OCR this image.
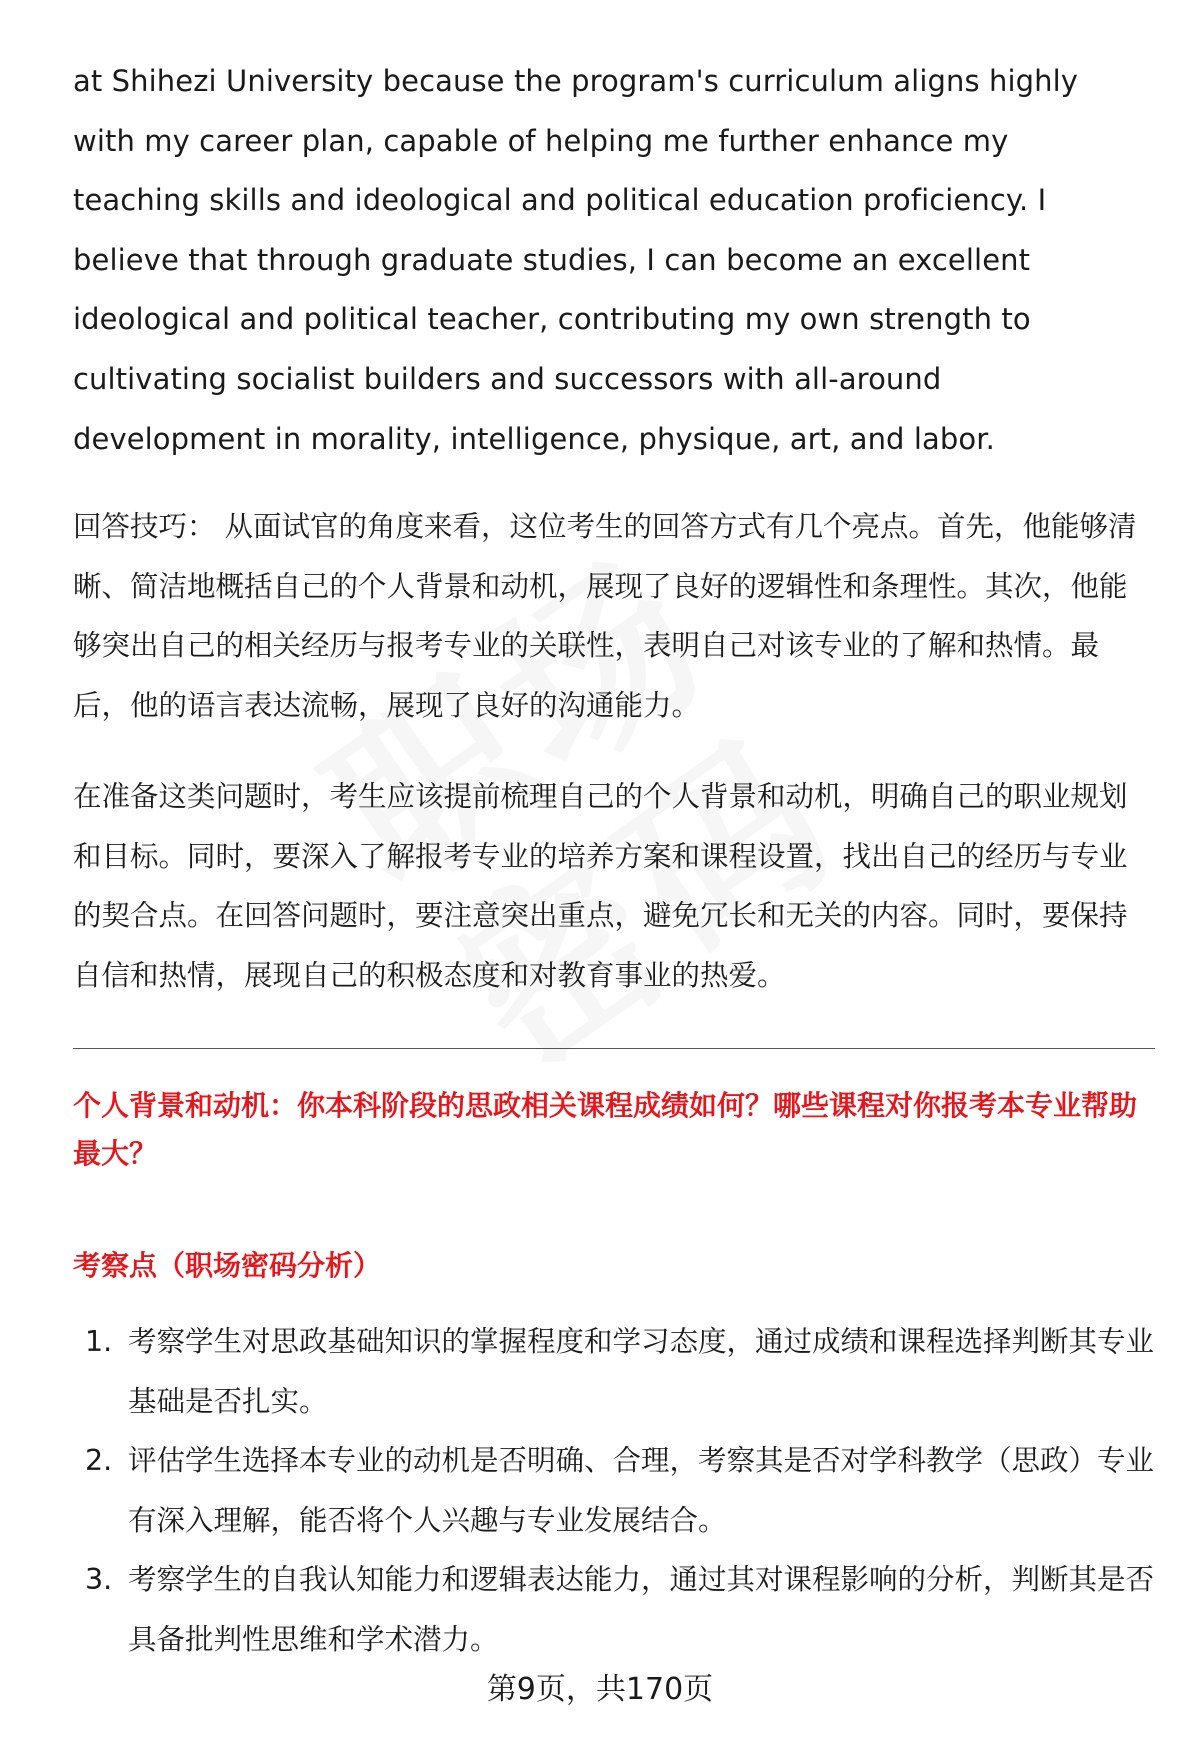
at Shihezi University because the program's curriculum aligns highly with my career plan, capable of helping me further enhance my teaching skills and ideological and political education proficiency. I believe that through graduate studies, I can become an excellent ideological and political teacher, contributing my own strength to cultivating socialist builders and successors with all-around development in morality, intelligence, physique, art, and labor.

回答技巧： 从面试官的角度来看，这位考生的回答方式有几个亮点。首先，他能够清晰、简洁地概括自己的个人背景和动机，展现了良好的逻辑性和条理性。其次，他能够突出自己的相关经历与报考专业的关联性，表明自己对该专业的了解和热情。最后，他的语言表达流畅，展现了良好的沟通能力。

在准备这类问题时，考生应该提前梳理自己的个人背景和动机，明确自己的职业规划和目标。同时，要深入了解报考专业的培养方案和课程设置，找出自己的经历与专业的契合点。在回答问题时，要注意突出重点，避免冗长和无关的内容。同时，要保持自信和热情，展现自己的积极态度和对教育事业的热爱。

个人背景和动机：你本科阶段的思政相关课程成绩如何？哪些课程对你报考本专业帮助最大？

考察点（职场密码分析）

1. 考察学生对思政基础知识的掌握程度和学习态度，通过成绩和课程选择判断其专业基础是否扎实。
2. 评估学生选择本专业的动机是否明确、合理，考察其是否对学科教学（思政）专业有深入理解，能否将个人兴趣与专业发展结合。
3. 考察学生的自我认知能力和逻辑表达能力，通过其对课程影响的分析，判断其是否具备批判性思维和学术潜力。
第9页，共170页
